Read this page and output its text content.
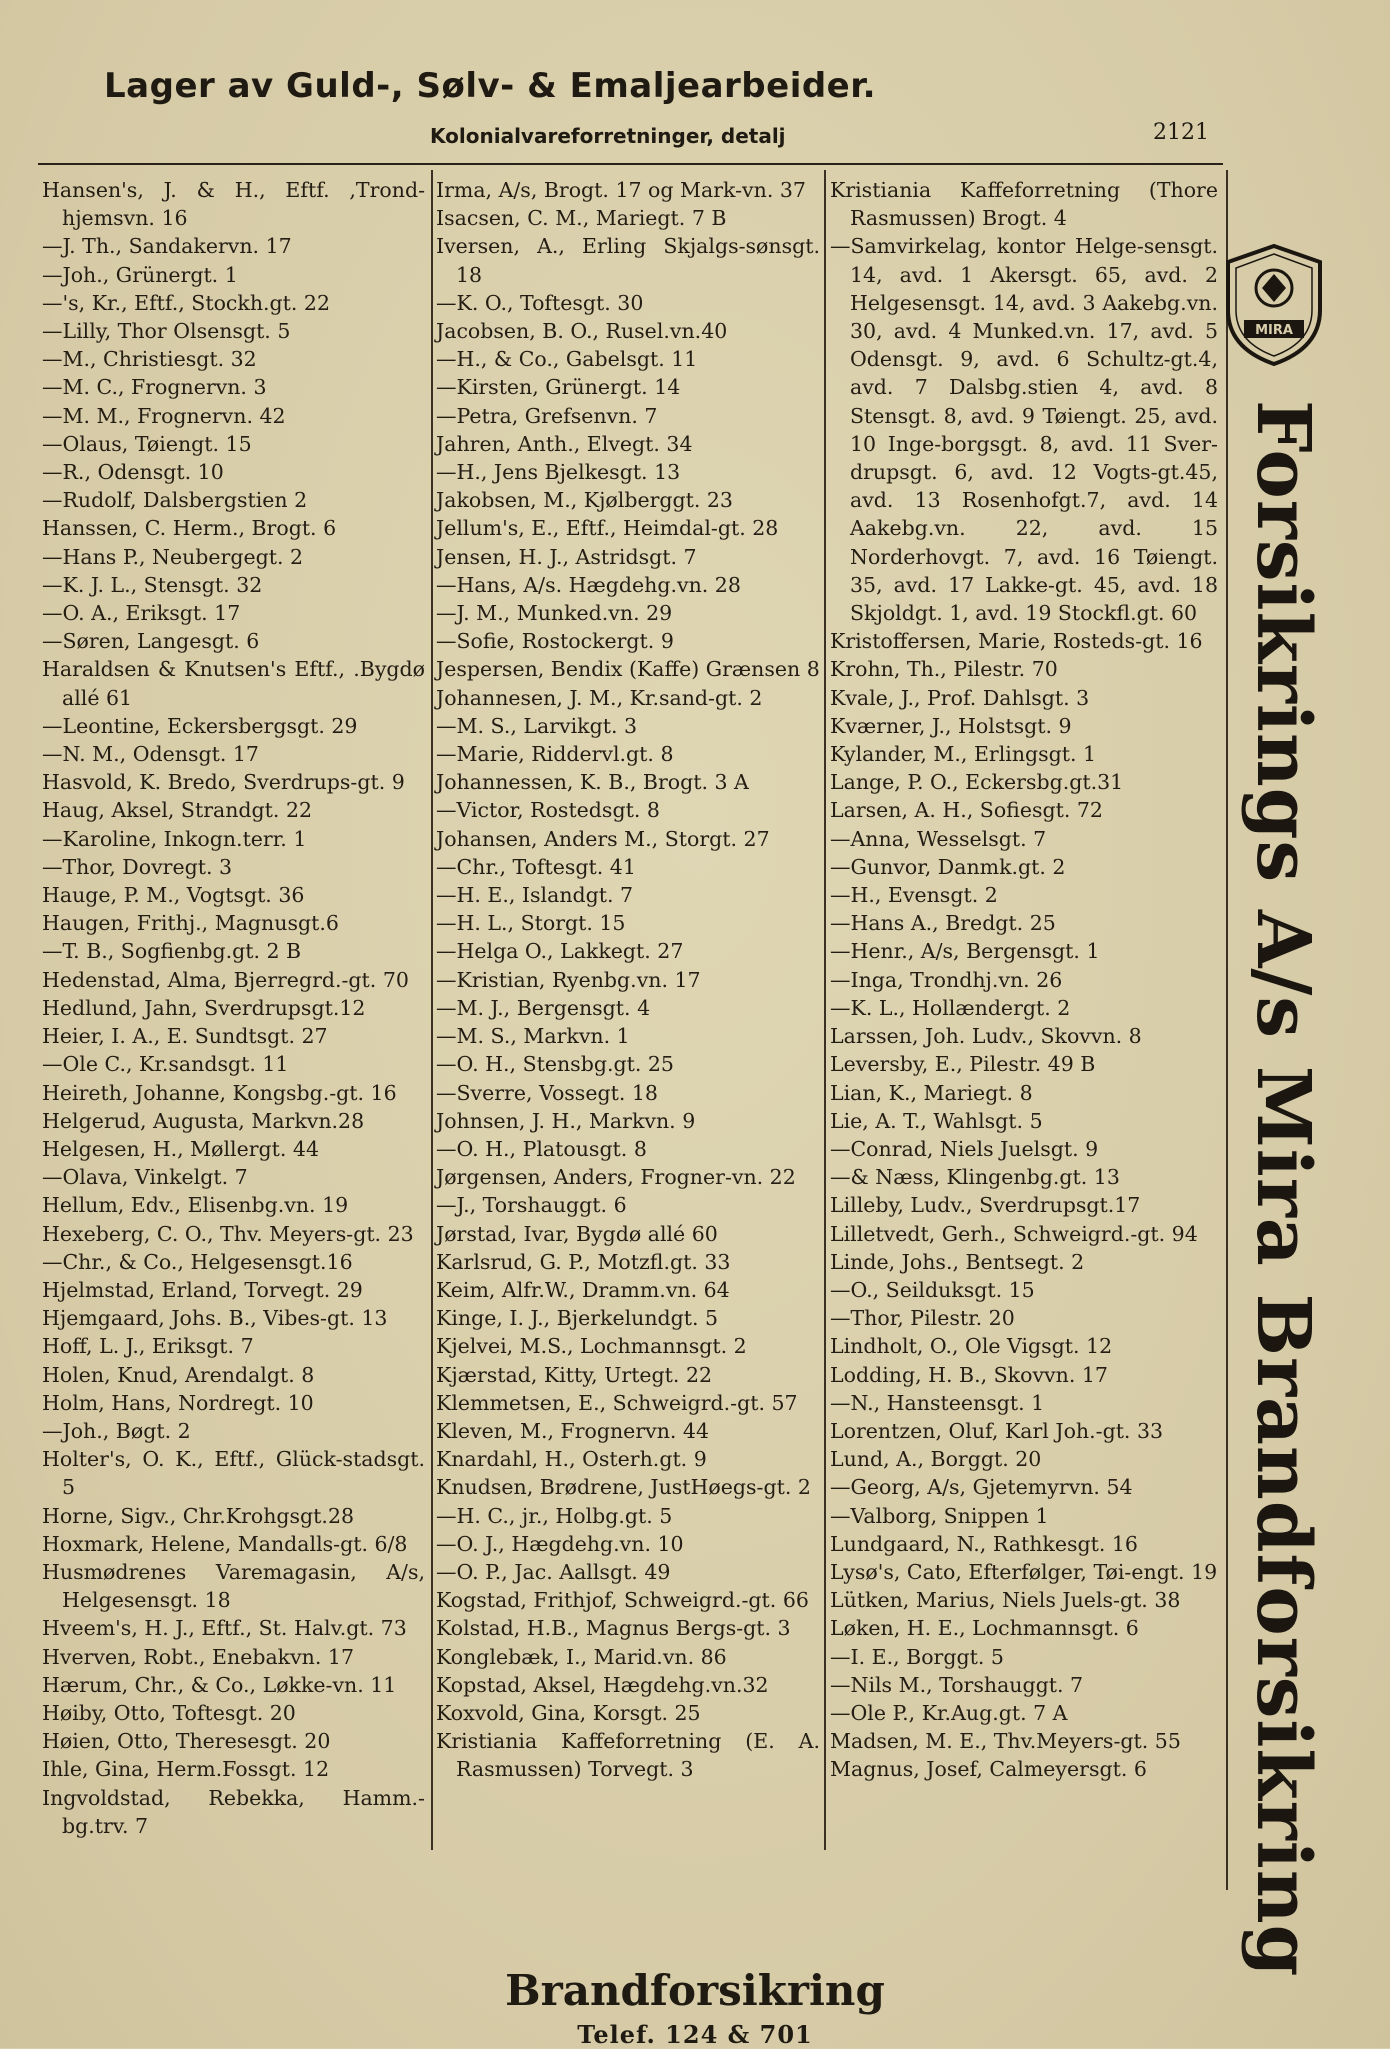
Lager av Guld-, Sølv- & Emaljearbeider.
Kolonialvareforretninger, detalj	2121
Hansen's, J. & H., Eftf. ,Trond-hjemsvn. 16
—J. Th., Sandakervn. 17
—Joh., Grünergt. 1
—'s, Kr., Eftf., Stockh.gt. 22
—Lilly, Thor Olsensgt. 5
—M., Christiesgt. 32
—M. C., Frognervn. 3
—M. M., Frognervn. 42
—Olaus, Tøiengt. 15
—R., Odensgt. 10
—Rudolf, Dalsbergstien 2
Hanssen, C. Herm., Brogt. 6
—Hans P., Neubergegt. 2
—K. J. L., Stensgt. 32
—O. A., Eriksgt. 17
—Søren, Langesgt. 6
Haraldsen & Knutsen's Eftf., .Bygdø allé 61
—Leontine, Eckersbergsgt. 29
—N. M., Odensgt. 17
Hasvold, K. Bredo, Sverdrups-gt. 9
Haug, Aksel, Strandgt. 22
—Karoline, Inkogn.terr. 1
—Thor, Dovregt. 3
Hauge, P. M., Vogtsgt. 36
Haugen, Frithj., Magnusgt.6
—T. B., Sogfienbg.gt. 2 B
Hedenstad, Alma, Bjerregrd.-gt. 70
Hedlund, Jahn, Sverdrupsgt.12
Heier, I. A., E. Sundtsgt. 27
—Ole C., Kr.sandsgt. 11
Heireth, Johanne, Kongsbg.-gt. 16
Helgerud, Augusta, Markvn.28
Helgesen, H., Møllergt. 44
—Olava, Vinkelgt. 7
Hellum, Edv., Elisenbg.vn. 19
Hexeberg, C. O., Thv. Meyers-gt. 23
—Chr., & Co., Helgesensgt.16
Hjelmstad, Erland, Torvegt. 29
Hjemgaard, Johs. B., Vibes-gt. 13
Hoff, L. J., Eriksgt. 7
Holen, Knud, Arendalgt. 8
Holm, Hans, Nordregt. 10
—Joh., Bøgt. 2
Holter's, O. K., Eftf., Glück-stadsgt. 5
Horne, Sigv., Chr.Krohgsgt.28
Hoxmark, Helene, Mandalls-gt. 6/8
Husmødrenes Varemagasin, A/s, Helgesensgt. 18
Hveem's, H. J., Eftf., St. Halv.gt. 73
Hverven, Robt., Enebakvn. 17
Hærum, Chr., & Co., Løkke-vn. 11
Høiby, Otto, Toftesgt. 20
Høien, Otto, Theresesgt. 20
Ihle, Gina, Herm.Fossgt. 12
Ingvoldstad, Rebekka, Hamm.-bg.trv. 7
Irma, A/s, Brogt. 17 og Mark-vn. 37
Isacsen, C. M., Mariegt. 7 B
Iversen, A., Erling Skjalgs-sønsgt. 18
—K. O., Toftesgt. 30
Jacobsen, B. O., Rusel.vn.40
—H., & Co., Gabelsgt. 11
—Kirsten, Grünergt. 14
—Petra, Grefsenvn. 7
Jahren, Anth., Elvegt. 34
—H., Jens Bjelkesgt. 13
Jakobsen, M., Kjølberggt. 23
Jellum's, E., Eftf., Heimdal-gt. 28
Jensen, H. J., Astridsgt. 7
—Hans, A/s. Hægdehg.vn. 28
—J. M., Munked.vn. 29
—Sofie, Rostockergt. 9
Jespersen, Bendix (Kaffe) Grænsen 8
Johannesen, J. M., Kr.sand-gt. 2
—M. S., Larvikgt. 3
—Marie, Riddervl.gt. 8
Johannessen, K. B., Brogt. 3 A
—Victor, Rostedsgt. 8
Johansen, Anders M., Storgt. 27
—Chr., Toftesgt. 41
—H. E., Islandgt. 7
—H. L., Storgt. 15
—Helga O., Lakkegt. 27
—Kristian, Ryenbg.vn. 17
—M. J., Bergensgt. 4
—M. S., Markvn. 1
—O. H., Stensbg.gt. 25
—Sverre, Vossegt. 18
Johnsen, J. H., Markvn. 9
—O. H., Platousgt. 8
Jørgensen, Anders, Frogner-vn. 22
—J., Torshauggt. 6
Jørstad, Ivar, Bygdø allé 60
Karlsrud, G. P., Motzfl.gt. 33
Keim, Alfr.W., Dramm.vn. 64
Kinge, I. J., Bjerkelundgt. 5
Kjelvei, M.S., Lochmannsgt. 2
Kjærstad, Kitty, Urtegt. 22
Klemmetsen, E., Schweigrd.-gt. 57
Kleven, M., Frognervn. 44
Knardahl, H., Osterh.gt. 9
Knudsen, Brødrene, JustHøegs-gt. 2
—H. C., jr., Holbg.gt. 5
—O. J., Hægdehg.vn. 10
—O. P., Jac. Aallsgt. 49
Kogstad, Frithjof, Schweigrd.-gt. 66
Kolstad, H.B., Magnus Bergs-gt. 3
Konglebæk, I., Marid.vn. 86
Kopstad, Aksel, Hægdehg.vn.32
Koxvold, Gina, Korsgt. 25
Kristiania Kaffeforretning (E. A. Rasmussen) Torvegt. 3
Kristiania Kaffeforretning (Thore Rasmussen) Brogt. 4
—Samvirkelag, kontor Helge-sensgt. 14, avd. 1 Akersgt. 65, avd. 2 Helgesensgt. 14, avd. 3 Aakebg.vn. 30, avd. 4 Munked.vn. 17, avd. 5 Odensgt. 9, avd. 6 Schultz-gt.4, avd. 7 Dalsbg.stien 4, avd. 8 Stensgt. 8, avd. 9 Tøiengt. 25, avd. 10 Inge-borgsgt. 8, avd. 11 Sver-drupsgt. 6, avd. 12 Vogts-gt.45, avd. 13 Rosenhofgt.7, avd. 14 Aakebg.vn. 22, avd. 15 Norderhovgt. 7, avd. 16 Tøiengt. 35, avd. 17 Lakke-gt. 45, avd. 18 Skjoldgt. 1, avd. 19 Stockfl.gt. 60
Kristoffersen, Marie, Rosteds-gt. 16
Krohn, Th., Pilestr. 70
Kvale, J., Prof. Dahlsgt. 3
Kværner, J., Holstsgt. 9
Kylander, M., Erlingsgt. 1
Lange, P. O., Eckersbg.gt.31
Larsen, A. H., Sofiesgt. 72
—Anna, Wesselsgt. 7
—Gunvor, Danmk.gt. 2
—H., Evensgt. 2
—Hans A., Bredgt. 25
—Henr., A/s, Bergensgt. 1
—Inga, Trondhj.vn. 26
—K. L., Hollændergt. 2
Larssen, Joh. Ludv., Skovvn. 8
Leversby, E., Pilestr. 49 B
Lian, K., Mariegt. 8
Lie, A. T., Wahlsgt. 5
—Conrad, Niels Juelsgt. 9
—& Næss, Klingenbg.gt. 13
Lilleby, Ludv., Sverdrupsgt.17
Lilletvedt, Gerh., Schweigrd.-gt. 94
Linde, Johs., Bentsegt. 2
—O., Seilduksgt. 15
—Thor, Pilestr. 20
Lindholt, O., Ole Vigsgt. 12
Lodding, H. B., Skovvn. 17
—N., Hansteensgt. 1
Lorentzen, Oluf, Karl Joh.-gt. 33
Lund, A., Borggt. 20
—Georg, A/s, Gjetemyrvn. 54
—Valborg, Snippen 1
Lundgaard, N., Rathkesgt. 16
Lysø's, Cato, Efterfølger, Tøi-engt. 19
Lütken, Marius, Niels Juels-gt. 38
Løken, H. E., Lochmannsgt. 6
—I. E., Borggt. 5
—Nils M., Torshauggt. 7
—Ole P., Kr.Aug.gt. 7 A
Madsen, M. E., Thv.Meyers-gt. 55
Magnus, Josef, Calmeyersgt. 6
MIRA
Forsikrings A/s Mira Brandforsikring
Brandforsikring
Telef. 124 & 701
